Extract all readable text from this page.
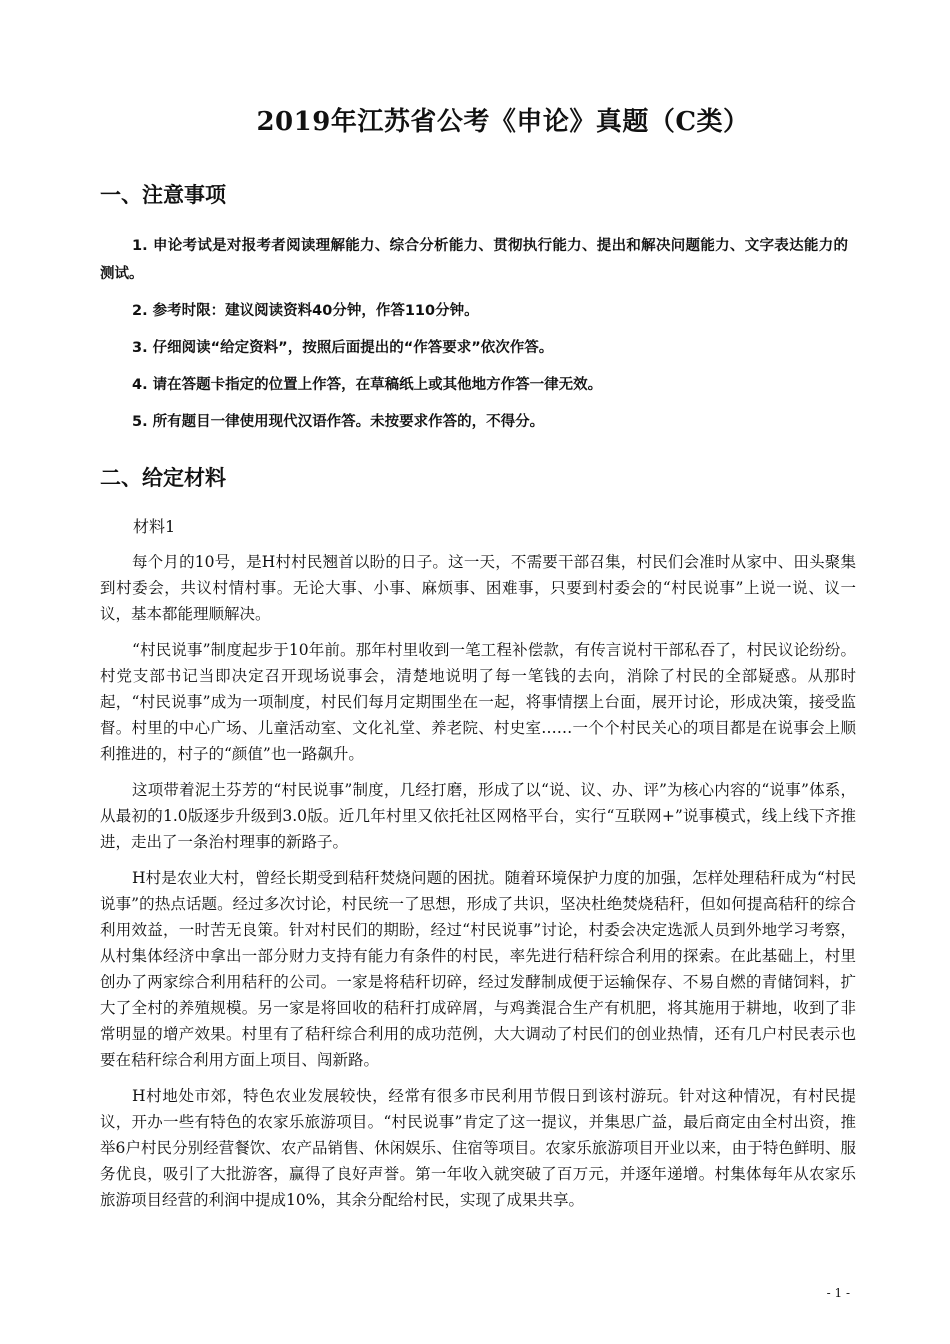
2019年江苏省公考《申论》真题（C类）
一、注意事项
1. 申论考试是对报考者阅读理解能力、综合分析能力、贯彻执行能力、提出和解决问题能力、文字表达能力的测试。
2. 参考时限：建议阅读资料40分钟，作答110分钟。
3. 仔细阅读“给定资料”，按照后面提出的“作答要求”依次作答。
4. 请在答题卡指定的位置上作答，在草稿纸上或其他地方作答一律无效。
5. 所有题目一律使用现代汉语作答。未按要求作答的，不得分。
二、给定材料
材料1

每个月的10号，是H村村民翘首以盼的日子。这一天，不需要干部召集，村民们会准时从家中、田头聚集到村委会，共议村情村事。无论大事、小事、麻烦事、困难事，只要到村委会的“村民说事”上说一说、议一议，基本都能理顺解决。

“村民说事”制度起步于10年前。那年村里收到一笔工程补偿款，有传言说村干部私吞了，村民议论纷纷。村党支部书记当即决定召开现场说事会，清楚地说明了每一笔钱的去向，消除了村民的全部疑惑。从那时起，“村民说事”成为一项制度，村民们每月定期围坐在一起，将事情摆上台面，展开讨论，形成决策，接受监督。村里的中心广场、儿童活动室、文化礼堂、养老院、村史室……一个个村民关心的项目都是在说事会上顺利推进的，村子的“颜值”也一路飙升。

这项带着泥土芬芳的“村民说事”制度，几经打磨，形成了以“说、议、办、评”为核心内容的“说事”体系，从最初的1.0版逐步升级到3.0版。近几年村里又依托社区网格平台，实行“互联网+”说事模式，线上线下齐推进，走出了一条治村理事的新路子。

H村是农业大村，曾经长期受到秸秆焚烧问题的困扰。随着环境保护力度的加强，怎样处理秸秆成为“村民说事”的热点话题。经过多次讨论，村民统一了思想，形成了共识，坚决杜绝焚烧秸秆，但如何提高秸秆的综合利用效益，一时苦无良策。针对村民们的期盼，经过“村民说事”讨论，村委会决定选派人员到外地学习考察，从村集体经济中拿出一部分财力支持有能力有条件的村民，率先进行秸秆综合利用的探索。在此基础上，村里创办了两家综合利用秸秆的公司。一家是将秸秆切碎，经过发酵制成便于运输保存、不易自燃的青储饲料，扩大了全村的养殖规模。另一家是将回收的秸秆打成碎屑，与鸡粪混合生产有机肥，将其施用于耕地，收到了非常明显的增产效果。村里有了秸秆综合利用的成功范例，大大调动了村民们的创业热情，还有几户村民表示也要在秸秆综合利用方面上项目、闯新路。

H村地处市郊，特色农业发展较快，经常有很多市民利用节假日到该村游玩。针对这种情况，有村民提议，开办一些有特色的农家乐旅游项目。“村民说事”肯定了这一提议，并集思广益，最后商定由全村出资，推举6户村民分别经营餐饮、农产品销售、休闲娱乐、住宿等项目。农家乐旅游项目开业以来，由于特色鲜明、服务优良，吸引了大批游客，赢得了良好声誉。第一年收入就突破了百万元，并逐年递增。村集体每年从农家乐旅游项目经营的利润中提成10%，其余分配给村民，实现了成果共享。

- 1 -
